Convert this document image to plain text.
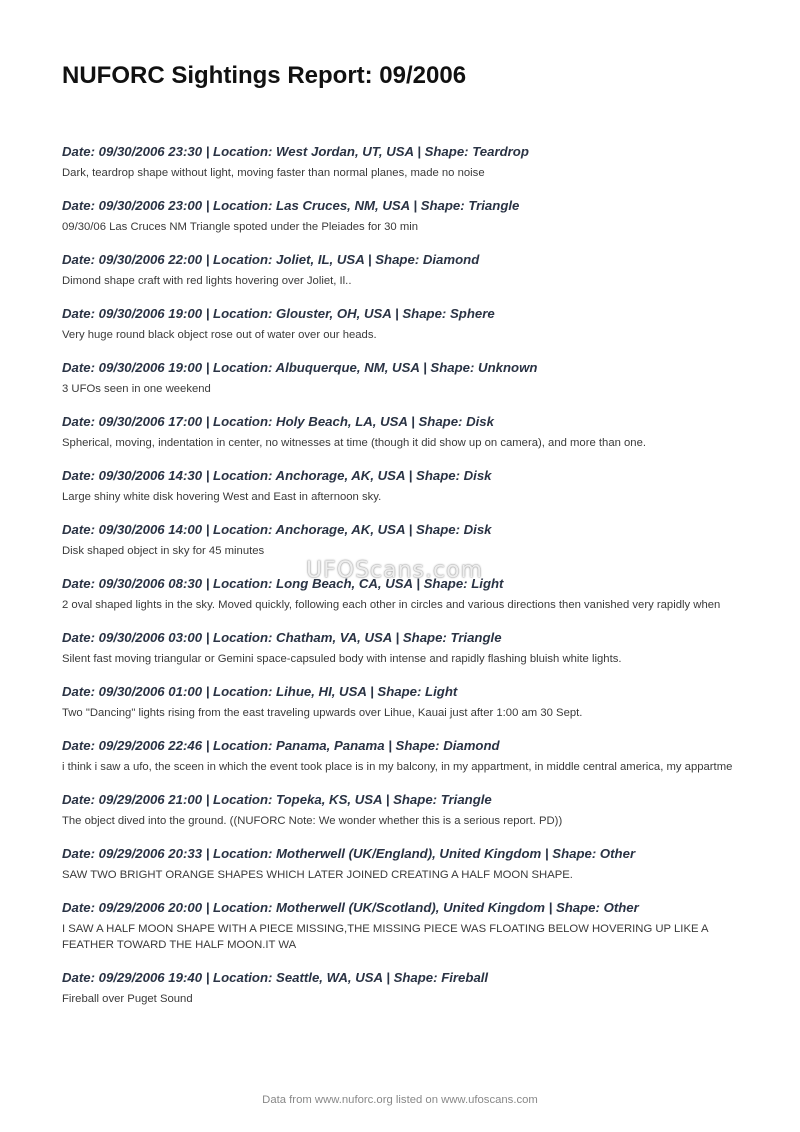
NUFORC Sightings Report: 09/2006
Date: 09/30/2006 23:30 | Location: West Jordan, UT, USA | Shape: Teardrop
Dark, teardrop shape without light, moving faster than normal planes, made no noise
Date: 09/30/2006 23:00 | Location: Las Cruces, NM, USA | Shape: Triangle
09/30/06 Las Cruces NM Triangle spoted under the Pleiades for 30 min
Date: 09/30/2006 22:00 | Location: Joliet, IL, USA | Shape: Diamond
Dimond shape craft with red lights hovering over Joliet, Il..
Date: 09/30/2006 19:00 | Location: Glouster, OH, USA | Shape: Sphere
Very huge round black object rose out of water over our heads.
Date: 09/30/2006 19:00 | Location: Albuquerque, NM, USA | Shape: Unknown
3 UFOs seen in one weekend
Date: 09/30/2006 17:00 | Location: Holy Beach, LA, USA | Shape: Disk
Spherical, moving, indentation in center, no witnesses at time (though it did show up on camera), and more than one.
Date: 09/30/2006 14:30 | Location: Anchorage, AK, USA | Shape: Disk
Large shiny white disk hovering West and East in afternoon sky.
Date: 09/30/2006 14:00 | Location: Anchorage, AK, USA | Shape: Disk
Disk shaped object in sky for 45 minutes
Date: 09/30/2006 08:30 | Location: Long Beach, CA, USA | Shape: Light
2 oval shaped lights in the sky. Moved quickly, following each other in circles and various directions then vanished very rapidly when
Date: 09/30/2006 03:00 | Location: Chatham, VA, USA | Shape: Triangle
Silent fast moving triangular or Gemini space-capsuled body with intense and rapidly flashing bluish white lights.
Date: 09/30/2006 01:00 | Location: Lihue, HI, USA | Shape: Light
Two "Dancing" lights rising from the east traveling upwards over Lihue, Kauai just after 1:00 am 30 Sept.
Date: 09/29/2006 22:46 | Location: Panama, Panama | Shape: Diamond
i think i saw a ufo, the sceen in which the event took place is in my balcony, in my appartment, in middle central america, my appartme
Date: 09/29/2006 21:00 | Location: Topeka, KS, USA | Shape: Triangle
The object dived into the ground. ((NUFORC Note: We wonder whether this is a serious report. PD))
Date: 09/29/2006 20:33 | Location: Motherwell (UK/England), United Kingdom | Shape: Other
SAW TWO BRIGHT ORANGE SHAPES WHICH LATER JOINED CREATING A HALF MOON SHAPE.
Date: 09/29/2006 20:00 | Location: Motherwell (UK/Scotland), United Kingdom | Shape: Other
I SAW A HALF MOON SHAPE WITH A PIECE MISSING,THE MISSING PIECE WAS FLOATING BELOW HOVERING UP LIKE A FEATHER TOWARD THE HALF MOON.IT WA
Date: 09/29/2006 19:40 | Location: Seattle, WA, USA | Shape: Fireball
Fireball over Puget Sound
UFOScans.com
Data from www.nuforc.org listed on www.ufoscans.com
